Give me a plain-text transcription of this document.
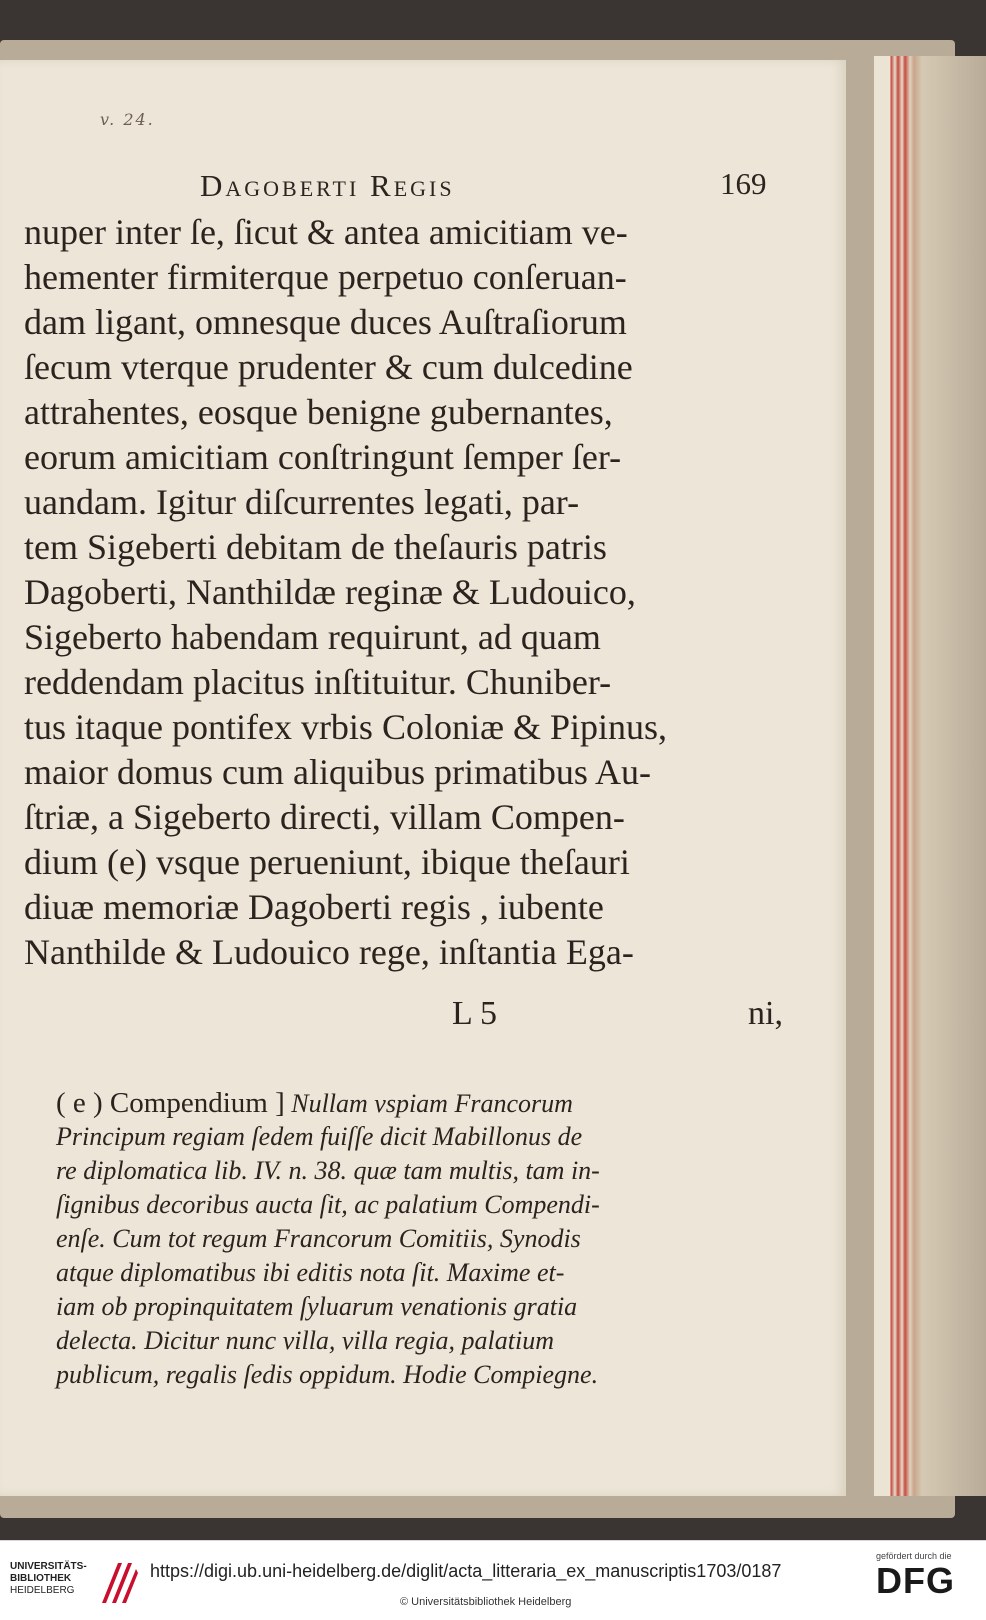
v. 24.
Dagoberti Regis	169
nuper inter ſe, ſicut & antea amicitiam ve-
hementer firmiterque perpetuo conſeruan-
dam ligant, omnesque duces Auſtraſiorum
ſecum vterque prudenter & cum dulcedine
attrahentes, eosque benigne gubernantes,
eorum amicitiam conſtringunt ſemper ſer-
uandam. Igitur diſcurrentes legati, par-
tem Sigeberti debitam de theſauris patris
Dagoberti, Nanthildæ reginæ & Ludouico,
Sigeberto habendam requirunt, ad quam
reddendam placitus inſtituitur. Chuniber-
tus itaque pontifex vrbis Coloniæ & Pipinus,
maior domus cum aliquibus primatibus Au-
ſtriæ, a Sigeberto directi, villam Compen-
dium (e) vsque perueniunt, ibique theſauri
diuæ memoriæ Dagoberti regis , iubente
Nanthilde & Ludouico rege, inſtantia Ega-
L 5	ni,
( e ) Compendium ] Nullam vspiam Francorum
Principum regiam ſedem fuiſſe dicit Mabillonus de
re diplomatica lib. IV. n. 38. quæ tam multis, tam in-
ſignibus decoribus aucta ſit, ac palatium Compendi-
enſe. Cum tot regum Francorum Comitiis, Synodis
atque diplomatibus ibi editis nota ſit. Maxime et-
iam ob propinquitatem ſyluarum venationis gratia
delecta. Dicitur nunc villa, villa regia, palatium
publicum, regalis ſedis oppidum. Hodie Compiegne.
UNIVERSITÄTS-
BIBLIOTHEK
HEIDELBERG
https://digi.ub.uni-heidelberg.de/diglit/acta_litteraria_ex_manuscriptis1703/0187
© Universitätsbibliothek Heidelberg
gefördert durch die
DFG
